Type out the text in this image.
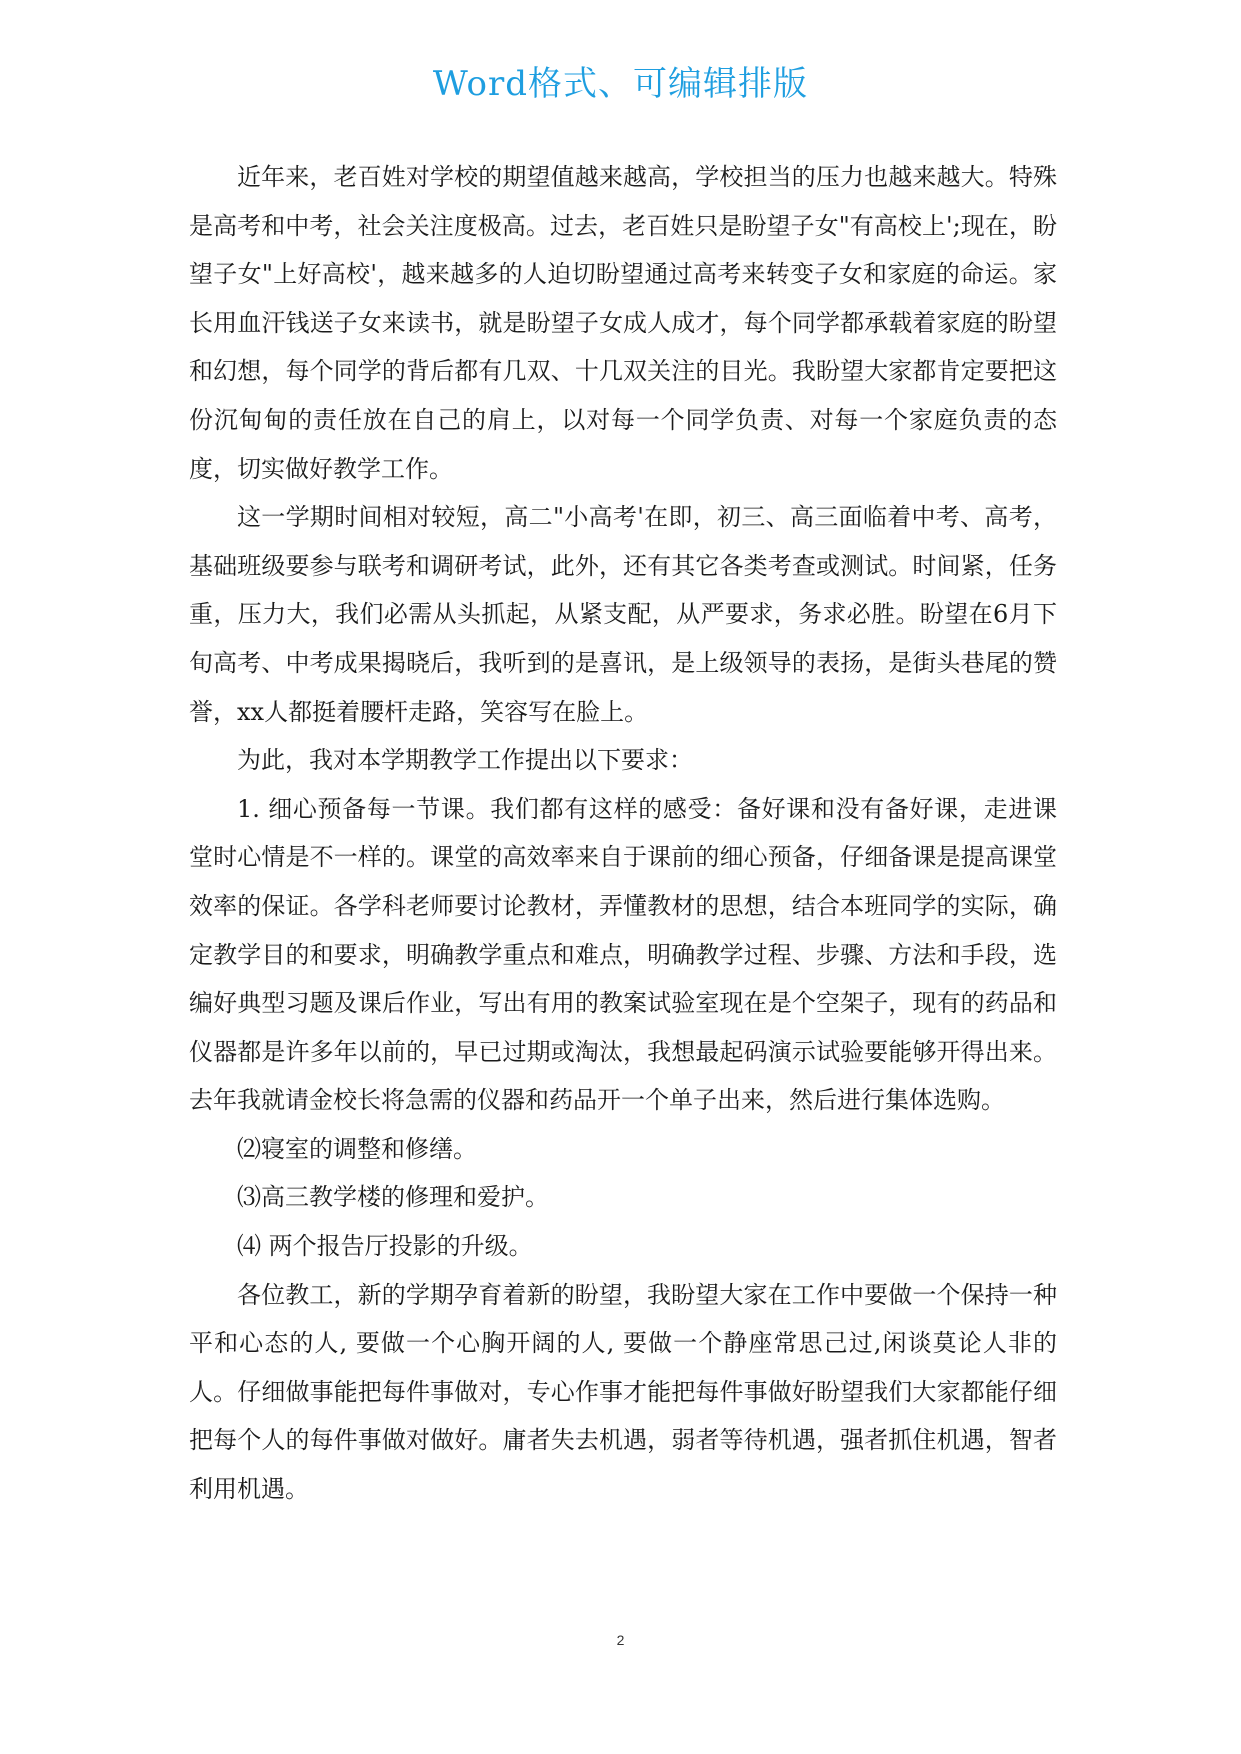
Word格式、可编辑排版

近年来，老百姓对学校的期望值越来越高，学校担当的压力也越来越大。特殊是高考和中考，社会关注度极高。过去，老百姓只是盼望子女"有高校上';现在，盼望子女"上好高校'，越来越多的人迫切盼望通过高考来转变子女和家庭的命运。家长用血汗钱送子女来读书，就是盼望子女成人成才，每个同学都承载着家庭的盼望和幻想，每个同学的背后都有几双、十几双关注的目光。我盼望大家都肯定要把这份沉甸甸的责任放在自己的肩上，以对每一个同学负责、对每一个家庭负责的态度，切实做好教学工作。

这一学期时间相对较短，高二"小高考'在即，初三、高三面临着中考、高考，基础班级要参与联考和调研考试，此外，还有其它各类考查或测试。时间紧，任务重，压力大，我们必需从头抓起，从紧支配，从严要求，务求必胜。盼望在6月下旬高考、中考成果揭晓后，我听到的是喜讯，是上级领导的表扬，是街头巷尾的赞誉，xx人都挺着腰杆走路，笑容写在脸上。

为此，我对本学期教学工作提出以下要求：

1. 细心预备每一节课。我们都有这样的感受：备好课和没有备好课，走进课堂时心情是不一样的。课堂的高效率来自于课前的细心预备，仔细备课是提高课堂效率的保证。各学科老师要讨论教材，弄懂教材的思想，结合本班同学的实际，确定教学目的和要求，明确教学重点和难点，明确教学过程、步骤、方法和手段，选编好典型习题及课后作业，写出有用的教案试验室现在是个空架子，现有的药品和仪器都是许多年以前的，早已过期或淘汰，我想最起码演示试验要能够开得出来。去年我就请金校长将急需的仪器和药品开一个单子出来，然后进行集体选购。

⑵寝室的调整和修缮。

⑶高三教学楼的修理和爱护。

⑷ 两个报告厅投影的升级。

各位教工，新的学期孕育着新的盼望，我盼望大家在工作中要做一个保持一种平和心态的人, 要做一个心胸开阔的人, 要做一个静座常思己过,闲谈莫论人非的人。仔细做事能把每件事做对，专心作事才能把每件事做好盼望我们大家都能仔细把每个人的每件事做对做好。庸者失去机遇，弱者等待机遇，强者抓住机遇，智者利用机遇。

2
